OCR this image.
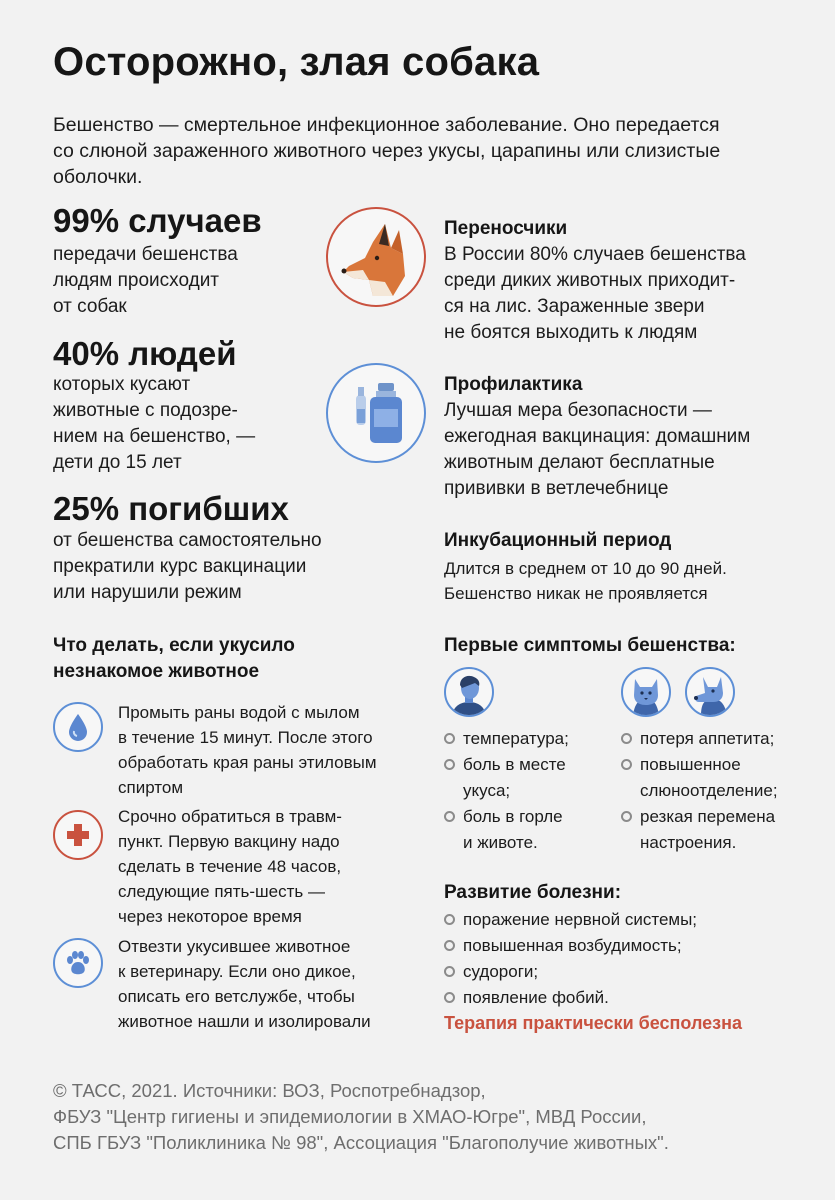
Осторожно, злая собака
Бешенство — смертельное инфекционное заболевание. Оно передается
со слюной зараженного животного через укусы, царапины или слизистые
оболочки.
99% случаев
передачи бешенства
людям происходит
от собак
40% людей
которых кусают
животные с подозре-
нием на бешенство, —
дети до 15 лет
25% погибших
от бешенства самостоятельно
прекратили курс вакцинации
или нарушили режим
Переносчики
В России 80% случаев бешенства
среди диких животных приходит-
ся на лис. Зараженные звери
не боятся выходить к людям
Профилактика
Лучшая мера безопасности —
ежегодная вакцинация: домашним
животным делают бесплатные
прививки в ветлечебнице
Инкубационный период
Длится в среднем от 10 до 90 дней.
Бешенство никак не проявляется
Что делать, если укусило
незнакомое животное
Промыть раны водой с мылом
в течение 15 минут. После этого
обработать края раны этиловым
спиртом
Срочно обратиться в травм-
пункт. Первую вакцину надо
сделать в течение 48 часов,
следующие пять-шесть —
через некоторое время
Отвезти укусившее животное
к ветеринару. Если оно дикое,
описать его ветслужбе, чтобы
животное нашли и изолировали
Первые симптомы бешенства:
температура;
боль в месте
укуса;
боль в горле
и животе.
потеря аппетита;
повышенное
слюноотделение;
резкая перемена
настроения.
Развитие болезни:
поражение нервной системы;
повышенная возбудимость;
судороги;
появление фобий.
Терапия практически бесполезна
© ТАСС, 2021. Источники: ВОЗ, Роспотребнадзор,
ФБУЗ "Центр гигиены и эпидемиологии в ХМАО-Югре", МВД России,
СПБ ГБУЗ "Поликлиника № 98", Ассоциация "Благополучие животных".
